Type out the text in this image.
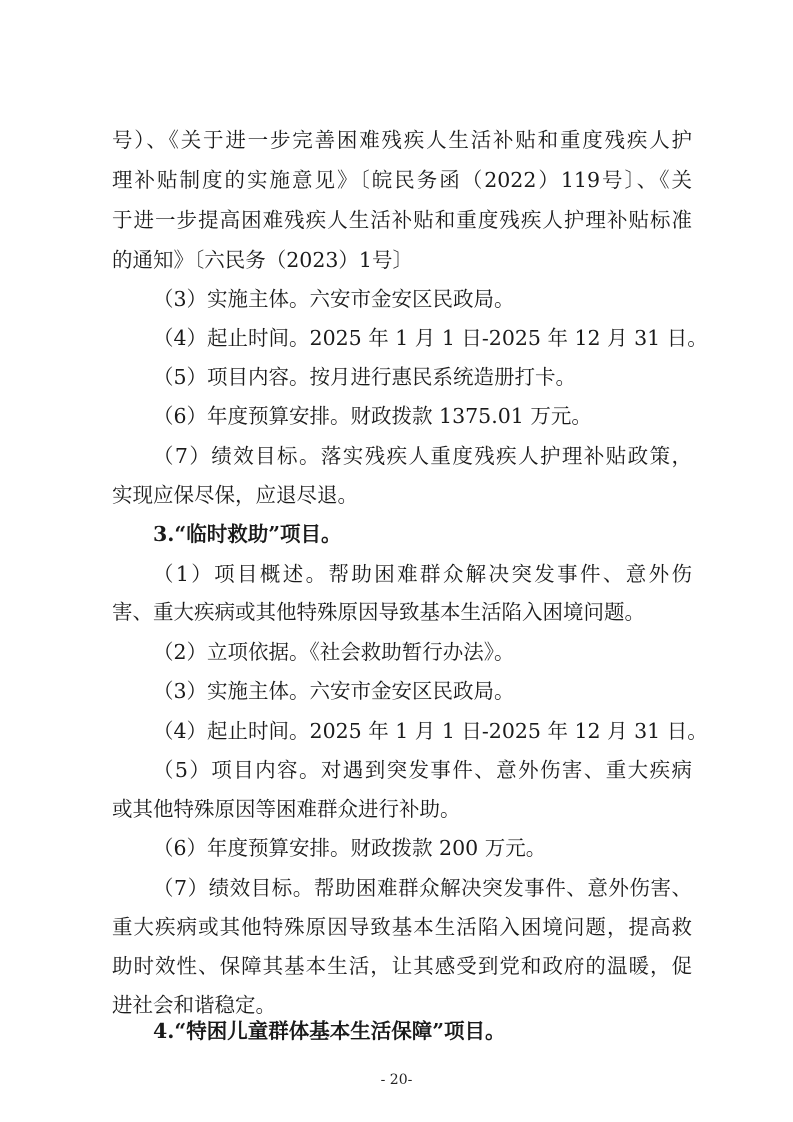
号）、《关于进一步完善困难残疾人生活补贴和重度残疾人护
理补贴制度的实施意见》〔皖民务函（2022）119号〕、《关
于进一步提高困难残疾人生活补贴和重度残疾人护理补贴标准
的通知》〔六民务（2023）1号〕
（3）实施主体。六安市金安区民政局。
（4）起止时间。2025 年 1 月 1 日-2025 年 12 月 31 日。
（5）项目内容。按月进行惠民系统造册打卡。
（6）年度预算安排。财政拨款 1375.01 万元。
（7）绩效目标。落实残疾人重度残疾人护理补贴政策，
实现应保尽保，应退尽退。
3.“临时救助”项目。
（1）项目概述。帮助困难群众解决突发事件、意外伤
害、重大疾病或其他特殊原因导致基本生活陷入困境问题。
（2）立项依据。《社会救助暂行办法》。
（3）实施主体。六安市金安区民政局。
（4）起止时间。2025 年 1 月 1 日-2025 年 12 月 31 日。
（5）项目内容。对遇到突发事件、意外伤害、重大疾病
或其他特殊原因等困难群众进行补助。
（6）年度预算安排。财政拨款 200 万元。
（7）绩效目标。帮助困难群众解决突发事件、意外伤害、
重大疾病或其他特殊原因导致基本生活陷入困境问题，提高救
助时效性、保障其基本生活，让其感受到党和政府的温暖，促
进社会和谐稳定。
4.“特困儿童群体基本生活保障”项目。
- 20-
